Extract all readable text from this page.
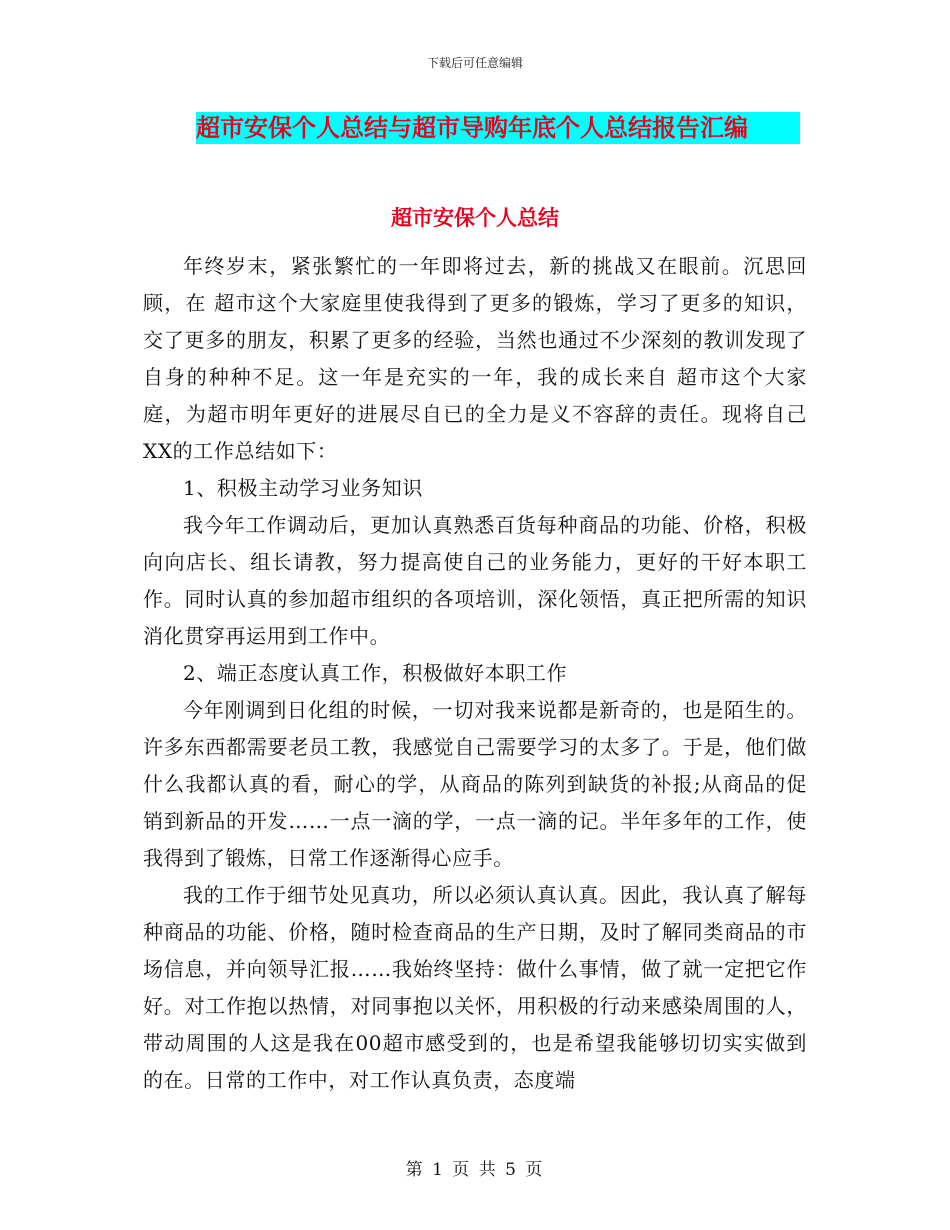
下载后可任意编辑
超市安保个人总结与超市导购年底个人总结报告汇编
超市安保个人总结

年终岁末，紧张繁忙的一年即将过去，新的挑战又在眼前。沉思回顾，在 超市这个大家庭里使我得到了更多的锻炼，学习了更多的知识，交了更多的朋友，积累了更多的经验，当然也通过不少深刻的教训发现了自身的种种不足。这一年是充实的一年，我的成长来自 超市这个大家庭，为超市明年更好的进展尽自已的全力是义不容辞的责任。现将自己XX的工作总结如下：

1、积极主动学习业务知识

我今年工作调动后，更加认真熟悉百货每种商品的功能、价格，积极向向店长、组长请教，努力提高使自己的业务能力，更好的干好本职工作。同时认真的参加超市组织的各项培训，深化领悟，真正把所需的知识消化贯穿再运用到工作中。

2、端正态度认真工作，积极做好本职工作

今年刚调到日化组的时候，一切对我来说都是新奇的，也是陌生的。许多东西都需要老员工教，我感觉自己需要学习的太多了。于是，他们做什么我都认真的看，耐心的学，从商品的陈列到缺货的补报;从商品的促销到新品的开发……一点一滴的学，一点一滴的记。半年多年的工作，使我得到了锻炼，日常工作逐渐得心应手。

我的工作于细节处见真功，所以必须认真认真。因此，我认真了解每种商品的功能、价格，随时检查商品的生产日期，及时了解同类商品的市场信息，并向领导汇报……我始终坚持：做什么事情，做了就一定把它作好。对工作抱以热情，对同事抱以关怀，用积极的行动来感染周围的人，带动周围的人这是我在00超市感受到的，也是希望我能够切切实实做到的在。日常的工作中，对工作认真负责，态度端

第 1 页 共 5 页
